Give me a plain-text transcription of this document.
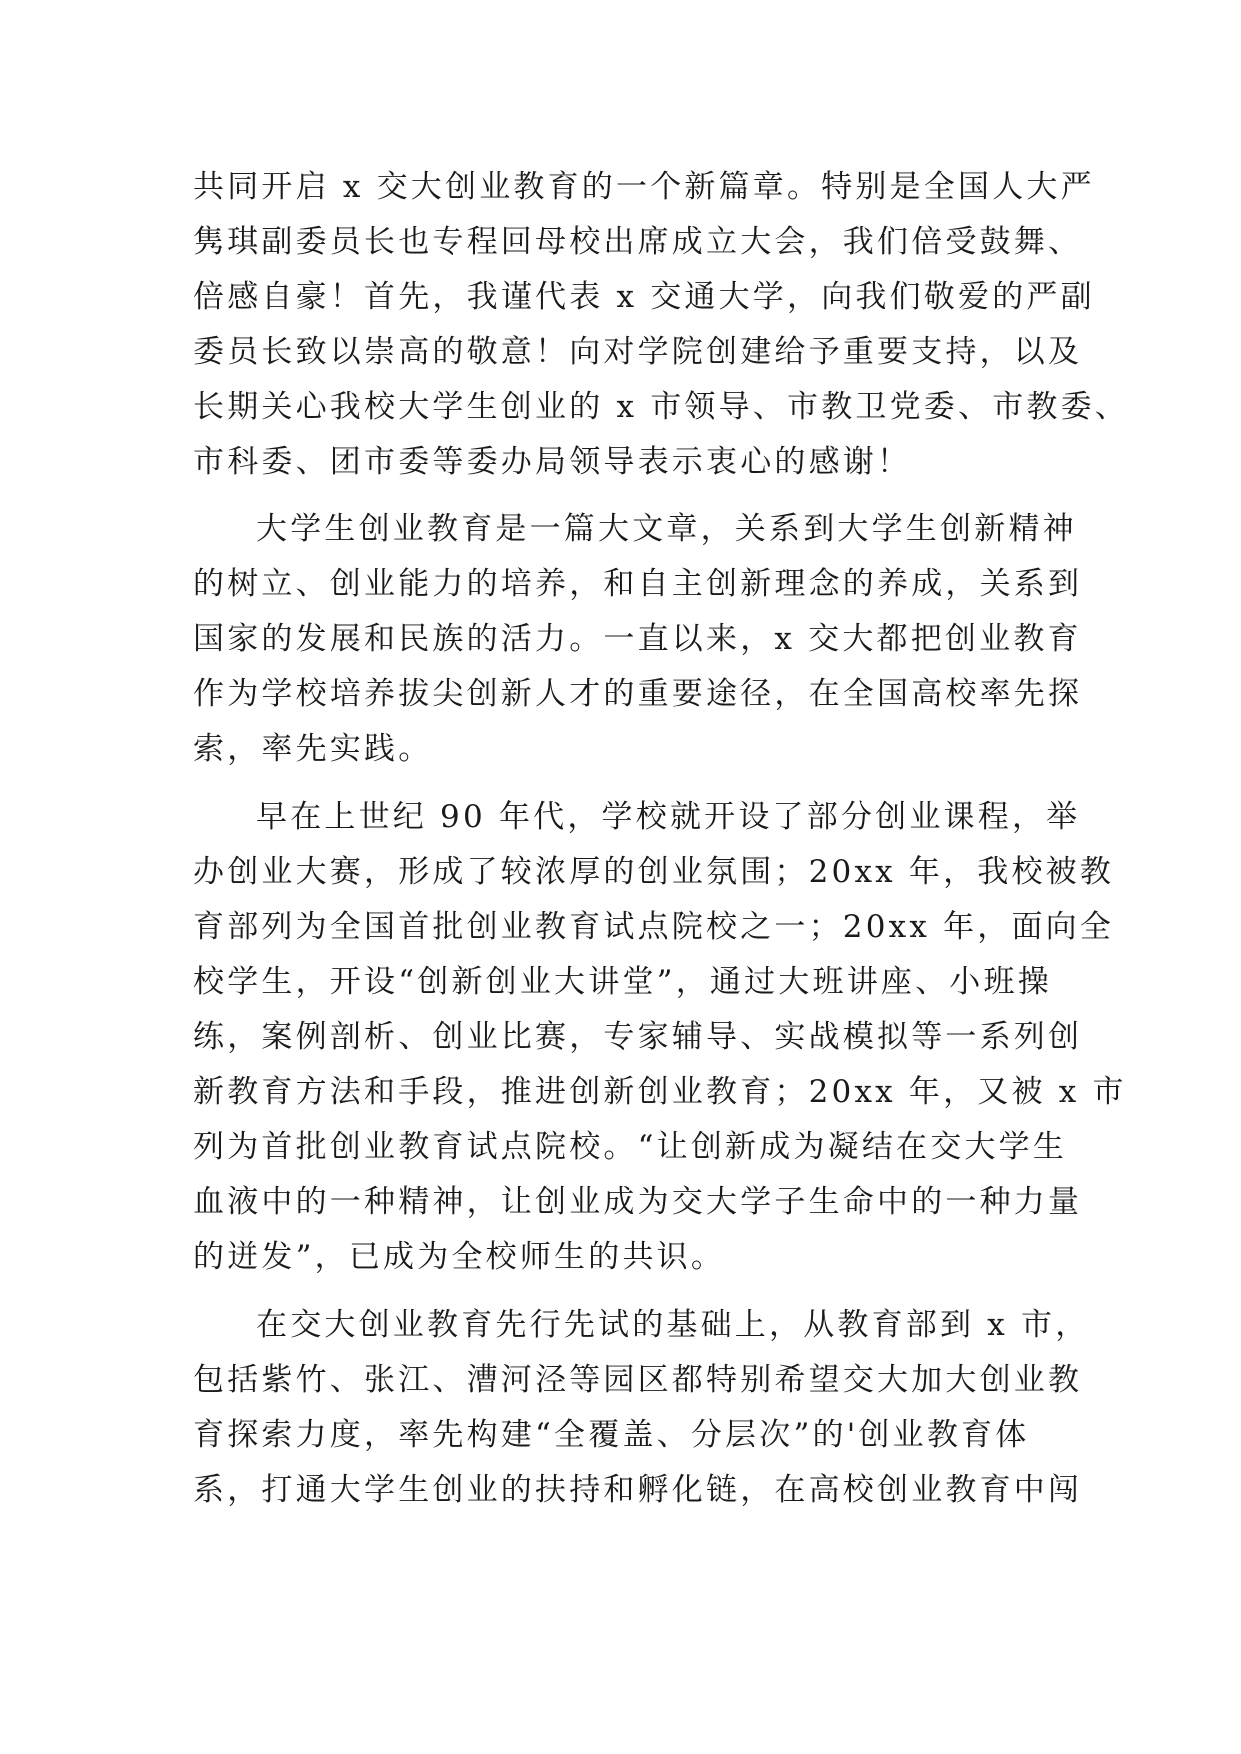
共同开启 x 交大创业教育的一个新篇章。特别是全国人大严
隽琪副委员长也专程回母校出席成立大会，我们倍受鼓舞、
倍感自豪！首先，我谨代表 x 交通大学，向我们敬爱的严副
委员长致以崇高的敬意！向对学院创建给予重要支持，以及
长期关心我校大学生创业的 x 市领导、市教卫党委、市教委、
市科委、团市委等委办局领导表示衷心的感谢！
大学生创业教育是一篇大文章，关系到大学生创新精神
的树立、创业能力的培养，和自主创新理念的养成，关系到
国家的发展和民族的活力。一直以来，x 交大都把创业教育
作为学校培养拔尖创新人才的重要途径，在全国高校率先探
索，率先实践。
早在上世纪 90 年代，学校就开设了部分创业课程，举
办创业大赛，形成了较浓厚的创业氛围；20xx 年，我校被教
育部列为全国首批创业教育试点院校之一；20xx 年，面向全
校学生，开设“创新创业大讲堂”，通过大班讲座、小班操
练，案例剖析、创业比赛，专家辅导、实战模拟等一系列创
新教育方法和手段，推进创新创业教育；20xx 年，又被 x 市
列为首批创业教育试点院校。“让创新成为凝结在交大学生
血液中的一种精神，让创业成为交大学子生命中的一种力量
的迸发”，已成为全校师生的共识。
在交大创业教育先行先试的基础上，从教育部到 x 市，
包括紫竹、张江、漕河泾等园区都特别希望交大加大创业教
育探索力度，率先构建“全覆盖、分层次”的'创业教育体
系，打通大学生创业的扶持和孵化链，在高校创业教育中闯
